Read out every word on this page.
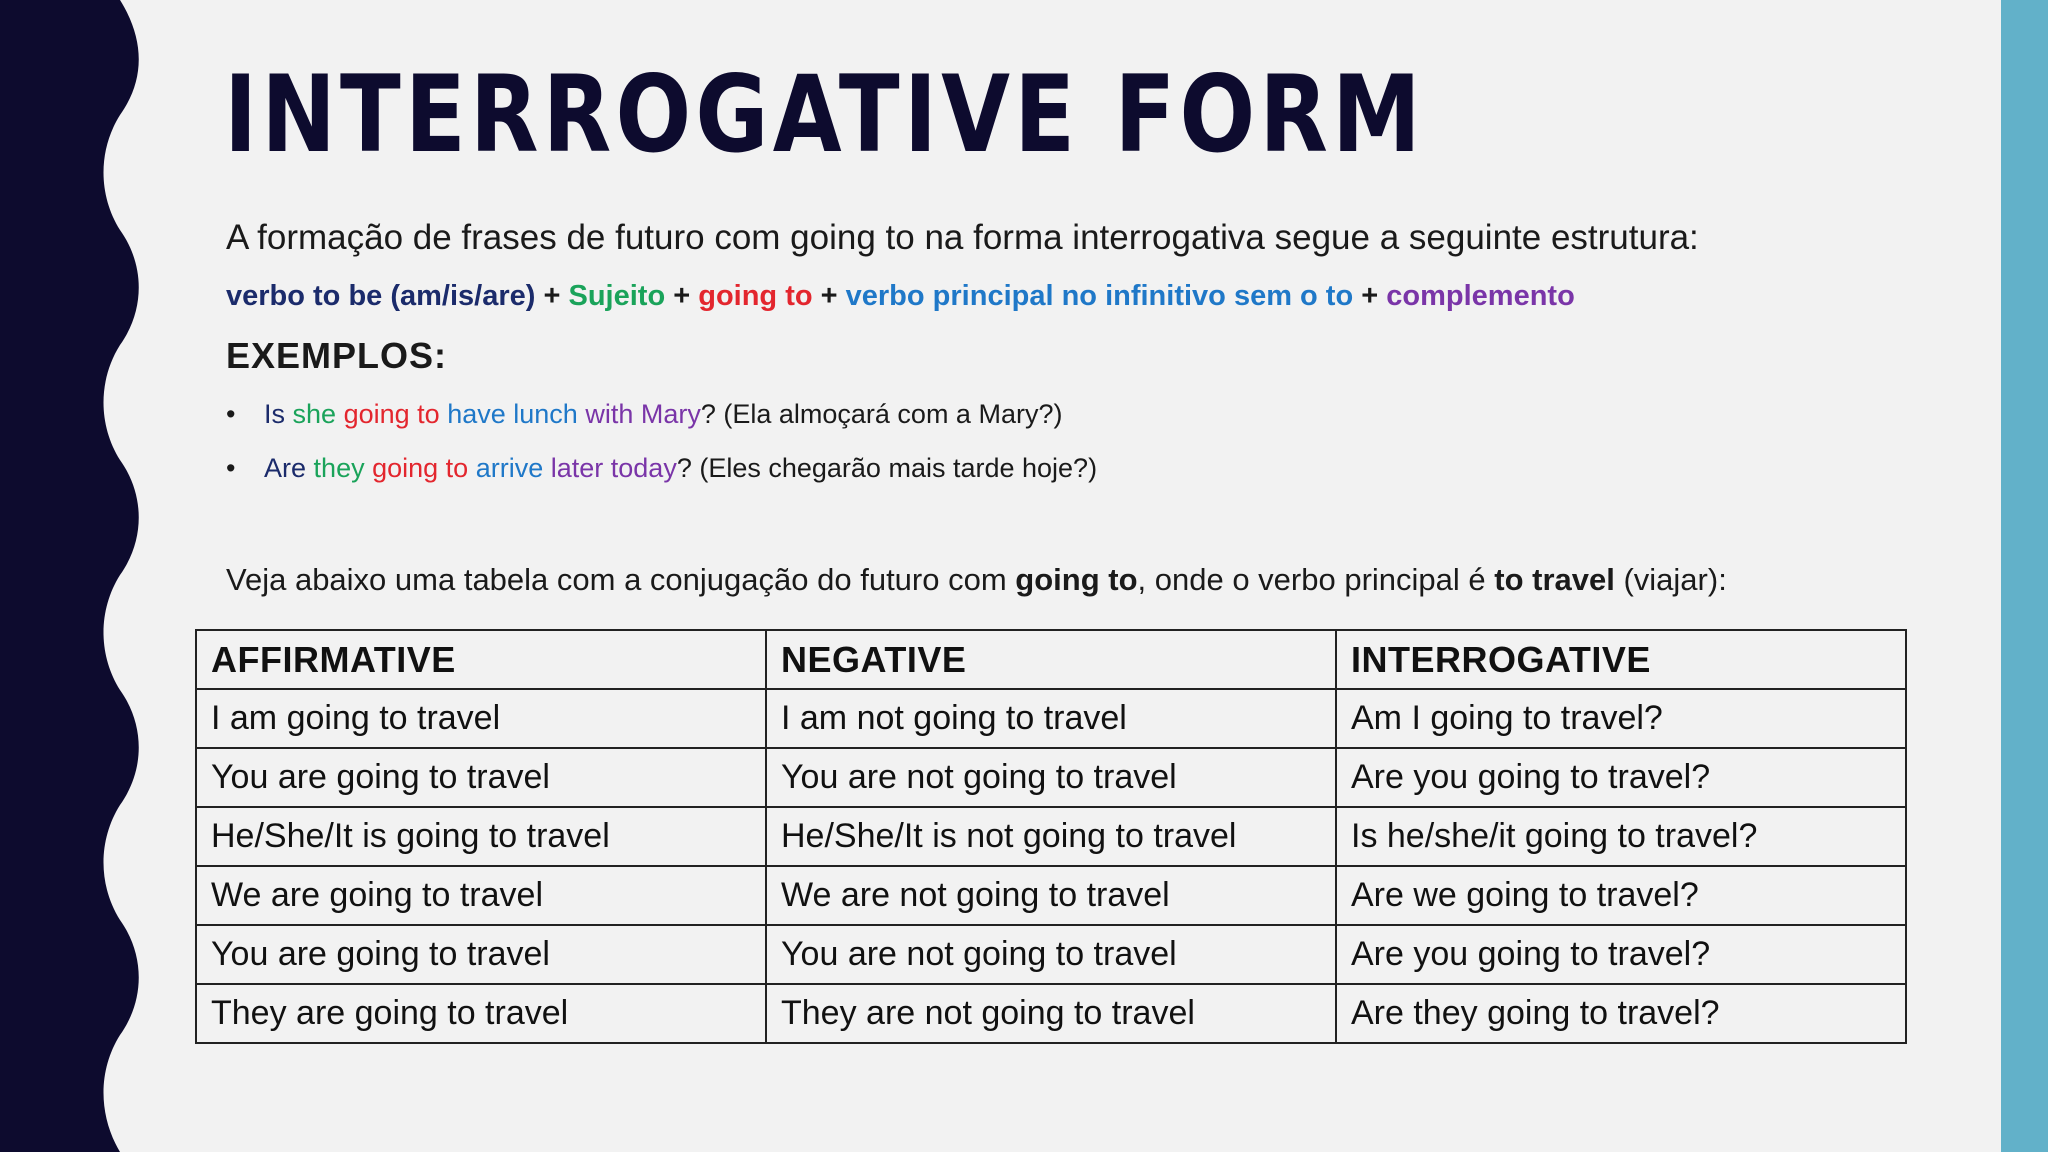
INTERROGATIVE FORM

A formação de frases de futuro com going to na forma interrogativa segue a seguinte estrutura:

verbo to be (am/is/are) + Sujeito + going to + verbo principal no infinitivo sem o to + complemento

EXEMPLOS:
• Is she going to have lunch with Mary? (Ela almoçará com a Mary?)
• Are they going to arrive later today? (Eles chegarão mais tarde hoje?)

Veja abaixo uma tabela com a conjugação do futuro com going to, onde o verbo principal é to travel (viajar):

AFFIRMATIVE	NEGATIVE	INTERROGATIVE
I am going to travel	I am not going to travel	Am I going to travel?
You are going to travel	You are not going to travel	Are you going to travel?
He/She/It is going to travel	He/She/It is not going to travel	Is he/she/it going to travel?
We are going to travel	We are not going to travel	Are we going to travel?
You are going to travel	You are not going to travel	Are you going to travel?
They are going to travel	They are not going to travel	Are they going to travel?
